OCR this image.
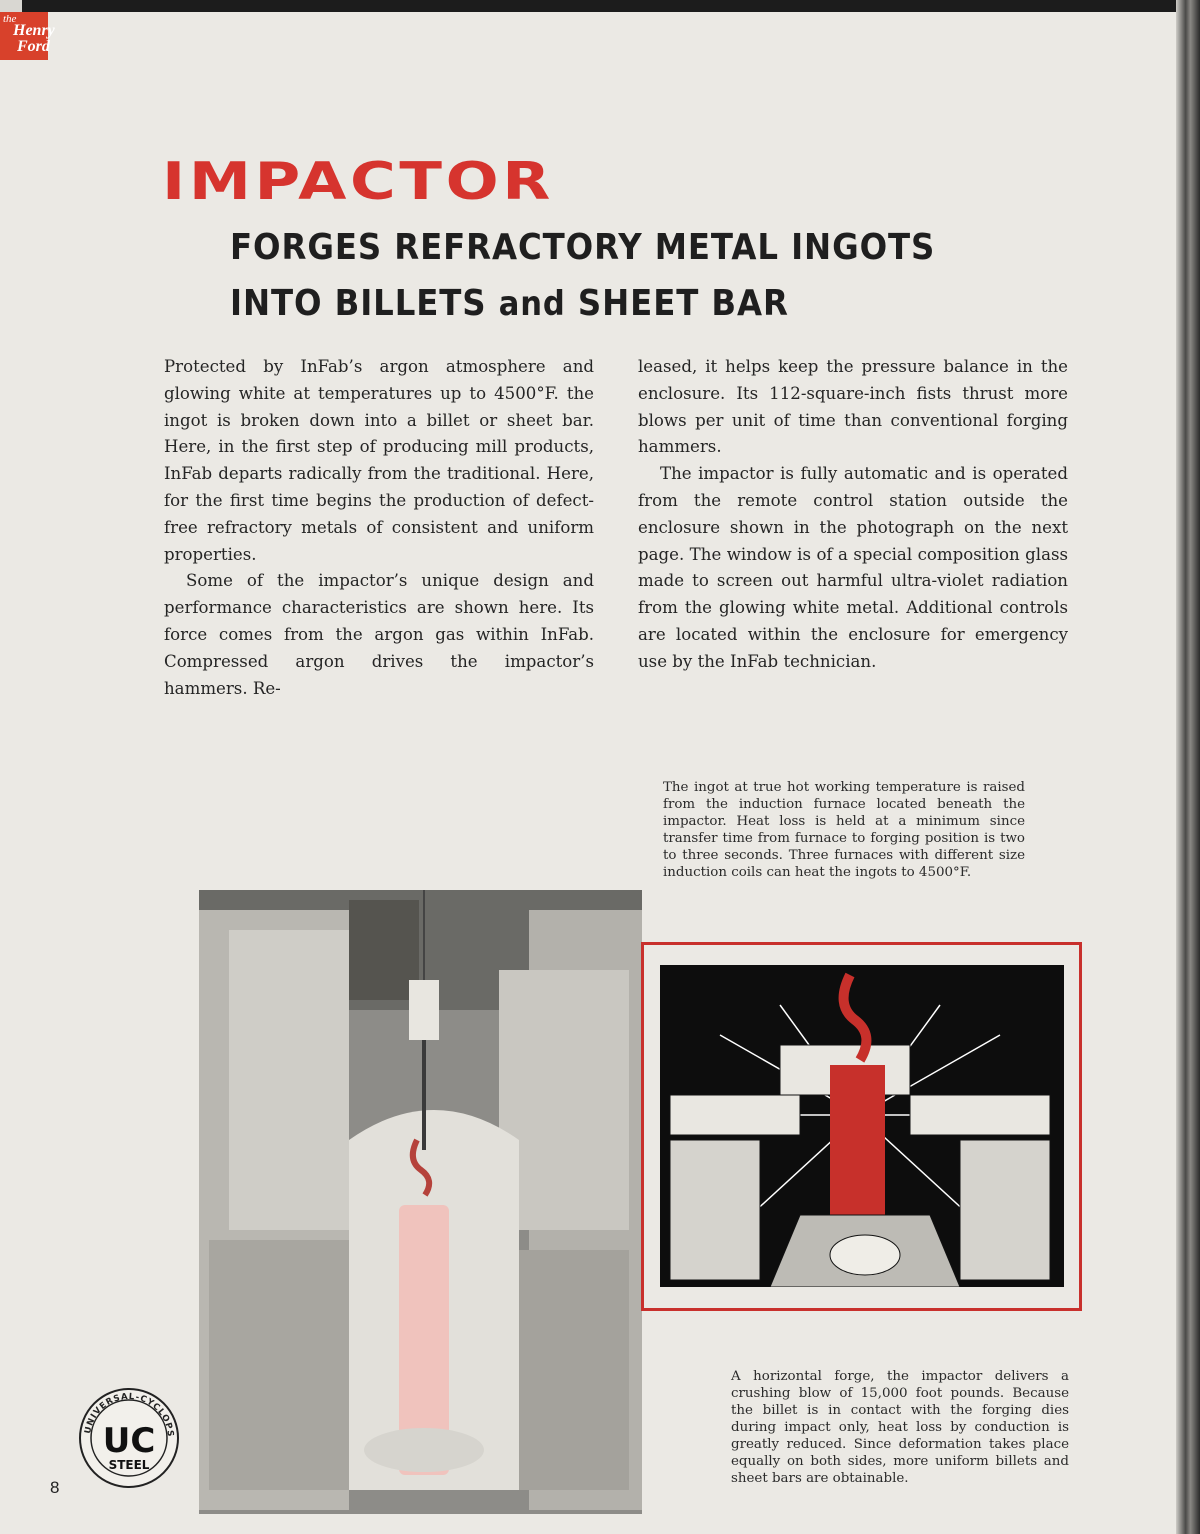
the
Henry
Ford
IMPACTOR
FORGES REFRACTORY METAL INGOTS
INTO BILLETS and SHEET BAR

Protected by InFab’s argon atmosphere and glowing white at temperatures up to 4500°F. the ingot is broken down into a billet or sheet bar. Here, in the first step of producing mill products, InFab departs radically from the traditional. Here, for the first time begins the production of defect-free refractory metals of consistent and uniform properties.

Some of the impactor’s unique design and performance characteristics are shown here. Its force comes from the argon gas within InFab. Compressed argon drives the impactor’s hammers. Re-

leased, it helps keep the pressure balance in the enclosure. Its 112-square-inch fists thrust more blows per unit of time than conventional forging hammers.

The impactor is fully automatic and is operated from the remote control station outside the enclosure shown in the photograph on the next page. The window is of a special composition glass made to screen out harmful ultra-violet radiation from the glowing white metal. Additional controls are located within the enclosure for emergency use by the InFab technician.

The ingot at true hot working temperature is raised from the induction furnace located beneath the impactor. Heat loss is held at a minimum since transfer time from furnace to forging position is two to three seconds. Three furnaces with different size induction coils can heat the ingots to 4500°F.
A horizontal forge, the impactor delivers a crushing blow of 15,000 foot pounds. Because the billet is in contact with the forging dies during impact only, heat loss by conduction is greatly reduced. Since deformation takes place equally on both sides, more uniform billets and sheet bars are obtainable.
UNIVERSAL-CYCLOPS
UC
STEEL
8
